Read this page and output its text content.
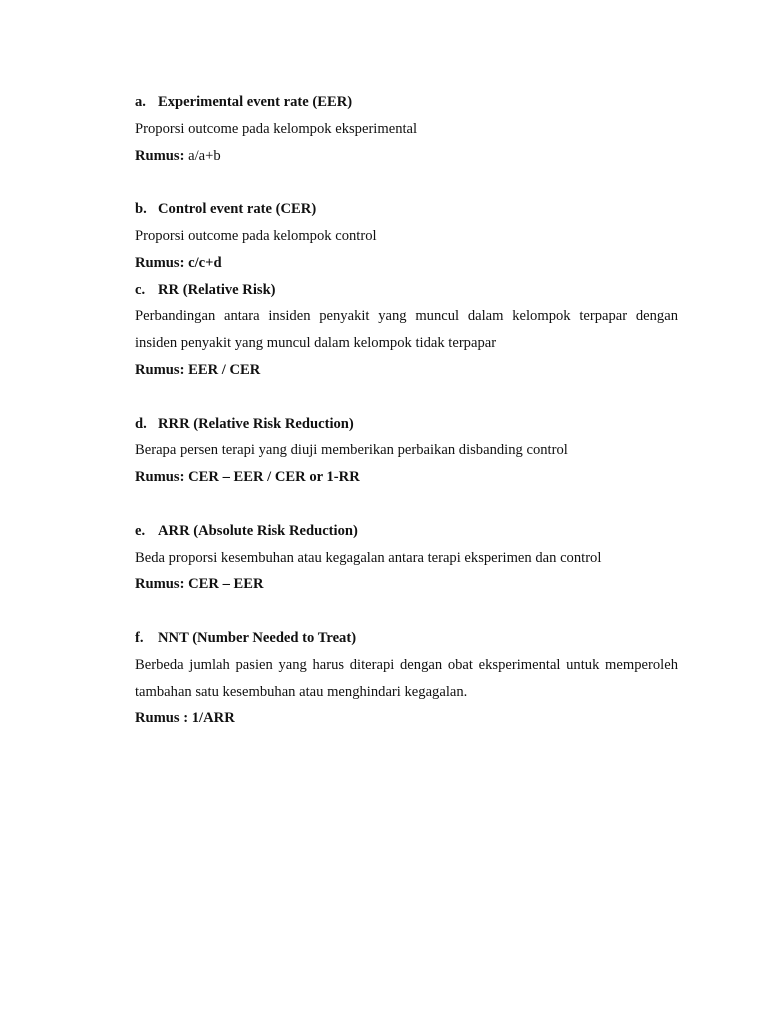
a. Experimental event rate (EER)
Proporsi outcome pada kelompok eksperimental
Rumus: a/a+b
b. Control event rate (CER)
Proporsi outcome pada kelompok control
Rumus: c/c+d
c. RR (Relative Risk)
Perbandingan antara insiden penyakit yang muncul dalam kelompok terpapar dengan
insiden penyakit yang muncul dalam kelompok tidak terpapar
Rumus: EER / CER
d. RRR (Relative Risk Reduction)
Berapa persen terapi yang diuji memberikan perbaikan disbanding control
Rumus: CER – EER / CER or 1-RR
e. ARR (Absolute Risk Reduction)
Beda proporsi kesembuhan atau kegagalan antara terapi eksperimen dan control
Rumus: CER – EER
f. NNT (Number Needed to Treat)
Berbeda jumlah pasien yang harus diterapi dengan obat eksperimental untuk memperoleh
tambahan satu kesembuhan atau menghindari kegagalan.
Rumus : 1/ARR
